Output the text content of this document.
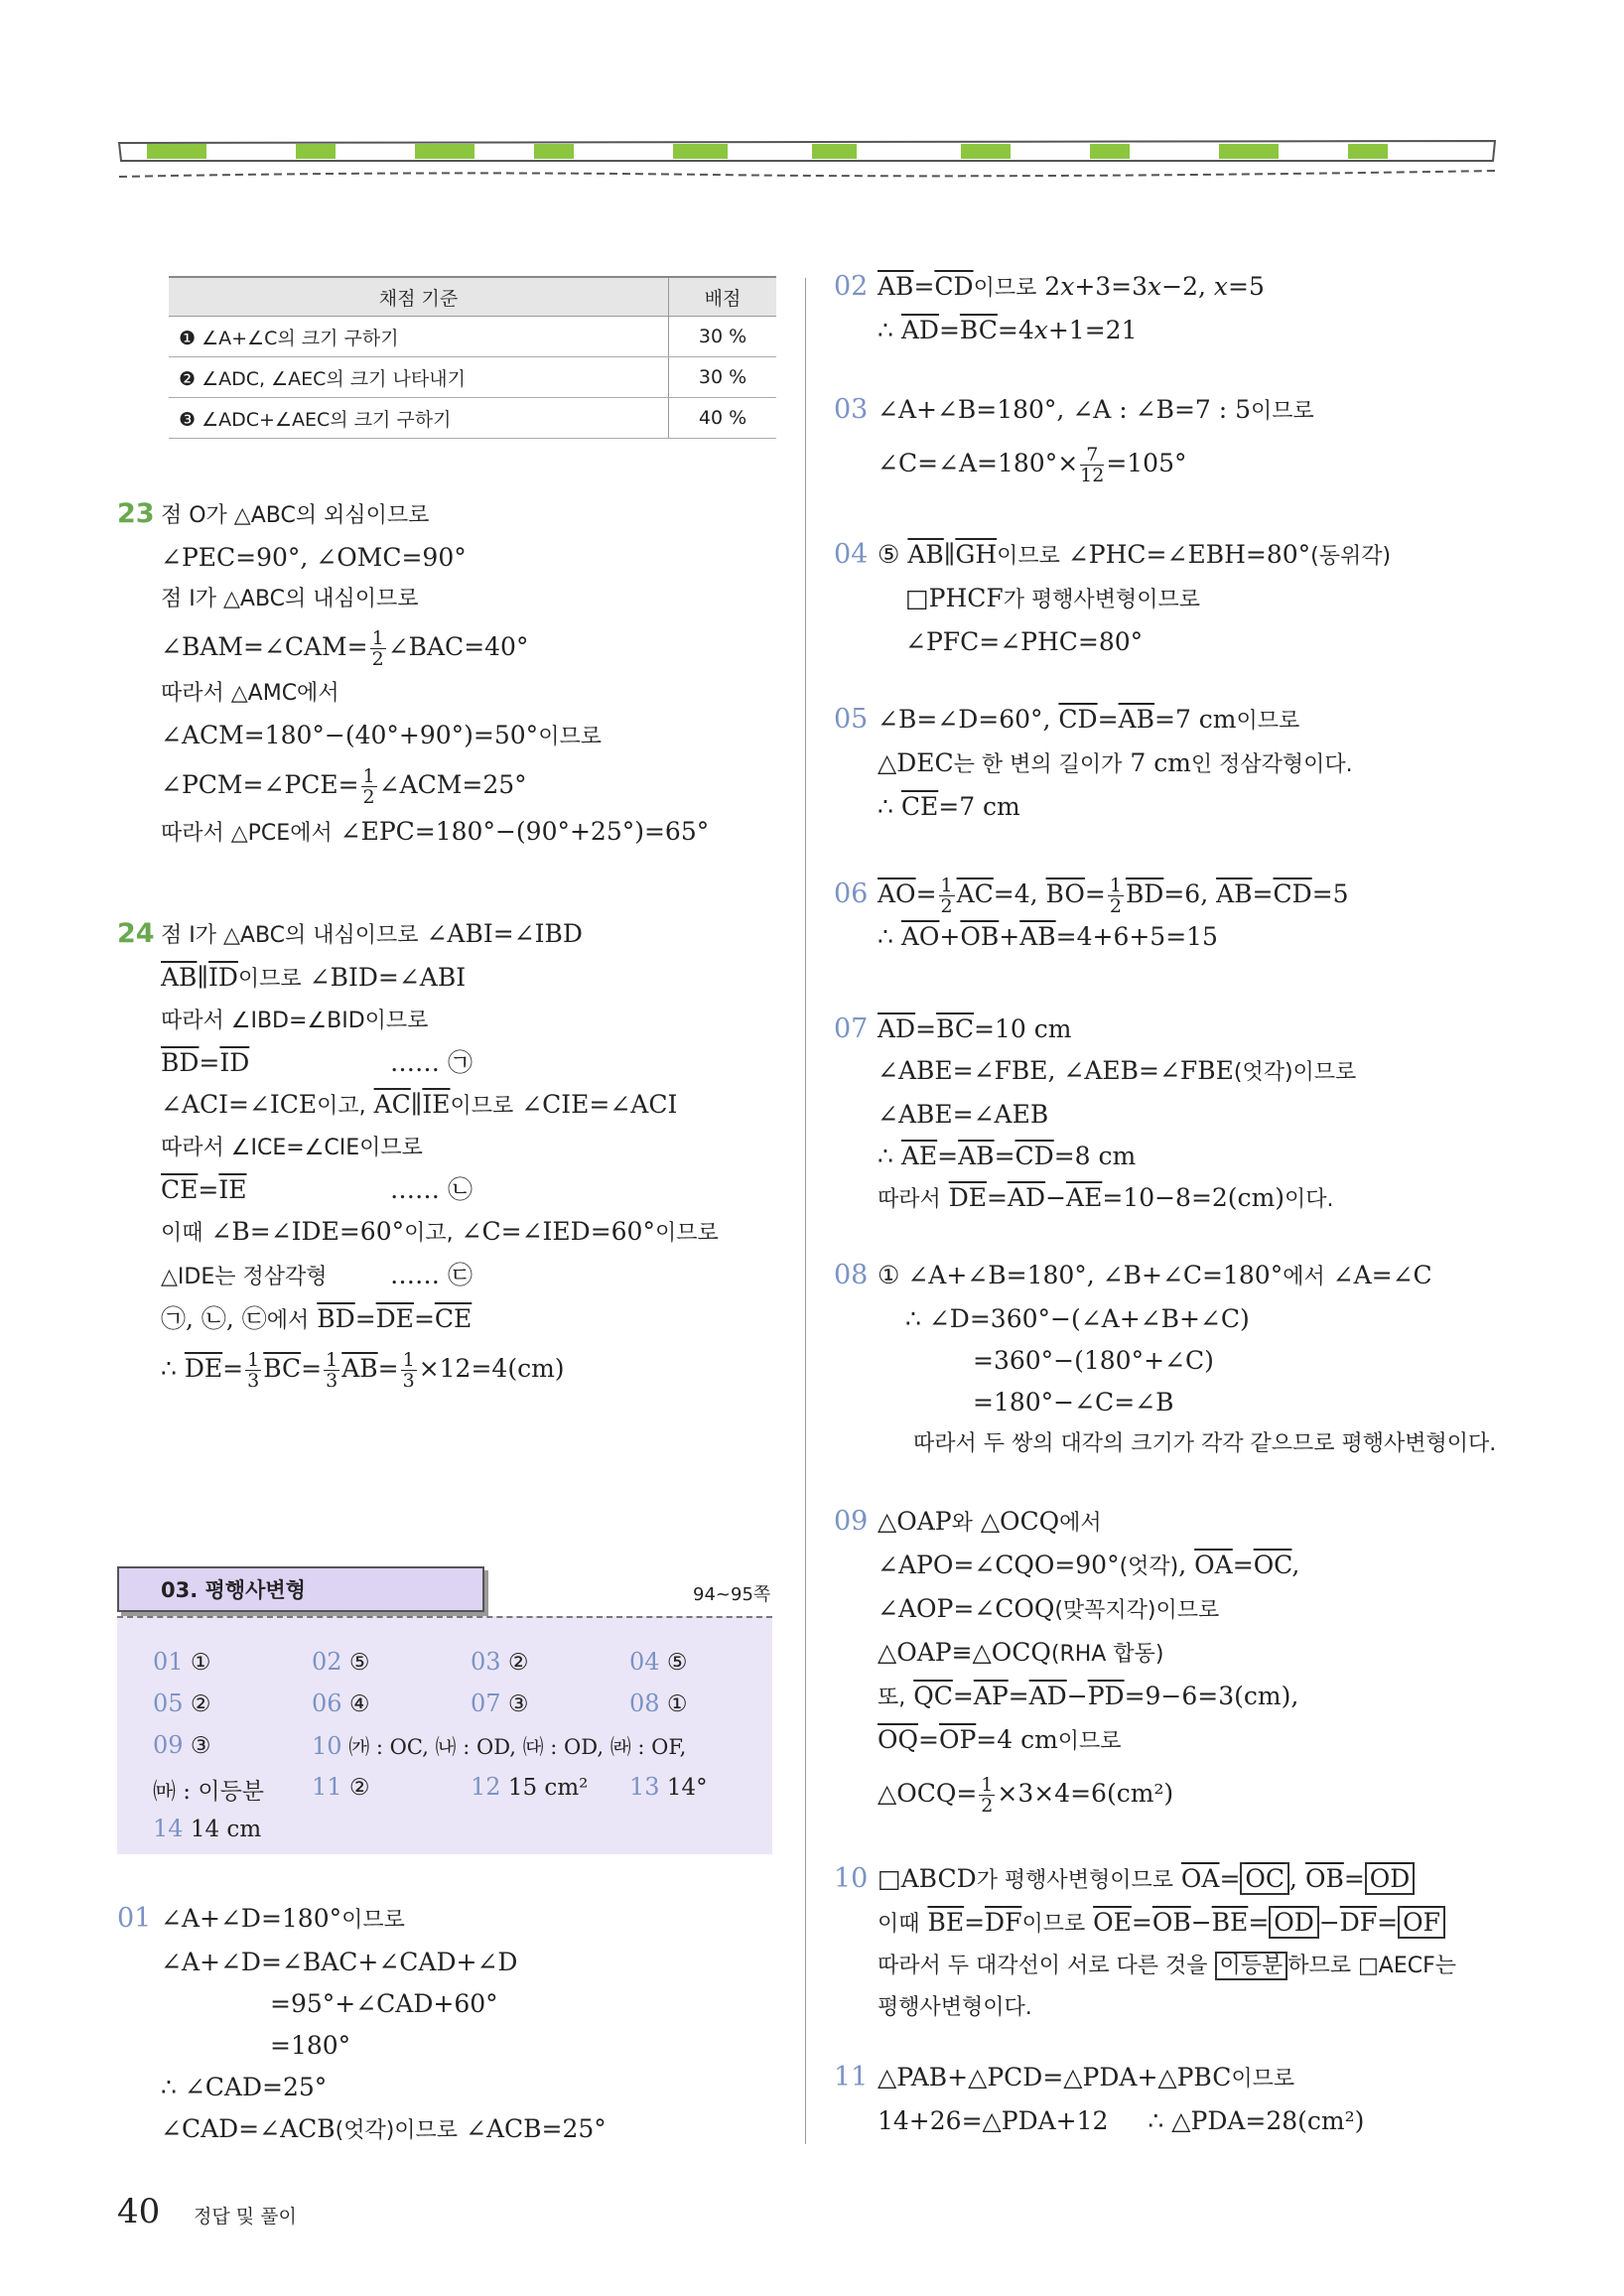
채점 기준	배점
❶ ∠A+∠C의 크기 구하기	30 %
❷ ∠ADC, ∠AEC의 크기 나타내기	30 %
❸ ∠ADC+∠AEC의 크기 구하기	40 %
23 점 O가 △ABC의 외심이므로
∠PEC=90°, ∠OMC=90°
점 I가 △ABC의 내심이므로
∠BAM=∠CAM= $\frac{1}{2}$ ∠BAC=40°
따라서 △AMC에서
∠ACM=180°−(40°+90°)=50°이므로
∠PCM=∠PCE= $\frac{1}{2}$ ∠ACM=25°
따라서 △PCE에서 ∠EPC=180°−(90°+25°)=65°
24 점 I가 △ABC의 내심이므로 ∠ABI=∠IBD
$\overline{AB}\parallel\overline{ID}$이므로 ∠BID=∠ABI
따라서 ∠IBD=∠BID이므로
$\overline{BD}=\overline{ID}$	…… ㉠
∠ACI=∠ICE이고, $\overline{AC}\parallel\overline{IE}$이므로 ∠CIE=∠ACI
따라서 ∠ICE=∠CIE이므로
$\overline{CE}=\overline{IE}$	…… ㉡
이때 ∠B=∠IDE=60°이고, ∠C=∠IED=60°이므로
△IDE는 정삼각형	…… ㉢
㉠, ㉡, ㉢에서 $\overline{BD}=\overline{DE}=\overline{CE}$
∴ $\overline{DE}= \frac{1}{3} \overline{BC}= \frac{1}{3} \overline{AB}= \frac{1}{3} \times 12=4(cm)$
03. 평행사변형	94~95쪽
01 ①	02 ⑤	03 ②	04 ⑤
05 ②	06 ④	07 ③	08 ①
09 ③	10 ㈎ : OC, ㈏ : OD, ㈐ : OD, ㈑ : OF,
㈒ : 이등분 11 ②	12 15 cm² 13 14°
14 14 cm
01 ∠A+∠D=180°이므로
∠A+∠D=∠BAC+∠CAD+∠D
=95°+∠CAD+60°
=180°
∴ ∠CAD=25°
∠CAD=∠ACB(엇각)이므로 ∠ACB=25°
02 $\overline{AB}=\overline{CD}$이므로 2x+3=3x−2, x=5
∴ $\overline{AD}=\overline{BC}=4x+1=21$
03 ∠A+∠B=180°, ∠A : ∠B=7 : 5이므로
∠C=∠A=180°× $\frac{7}{12} =105^\circ$
04 ⑤ $\overline{AB}\parallel\overline{GH}$이므로 ∠PHC=∠EBH=80°(동위각)
□PHCF가 평행사변형이므로
∠PFC=∠PHC=80°
05 ∠B=∠D=60°, $\overline{CD}=\overline{AB}=7$ cm이므로
△DEC는 한 변의 길이가 7 cm인 정삼각형이다.
∴ $\overline{CE}=7$ cm
06 $\overline{AO}= \frac{1}{2} \overline{AC}=4$, $\overline{BO}= \frac{1}{2} \overline{BD}=6$, $\overline{AB}=\overline{CD}=5$
∴ $\overline{AO}+\overline{OB}+\overline{AB}=4+6+5=15$
07 $\overline{AD}=\overline{BC}=10$ cm
∠ABE=∠FBE, ∠AEB=∠FBE(엇각)이므로
∠ABE=∠AEB
∴ $\overline{AE}=\overline{AB}=\overline{CD}=8$ cm
따라서 $\overline{DE}=\overline{AD}-\overline{AE}=10-8=2(cm)$이다.
08 ① ∠A+∠B=180°, ∠B+∠C=180°에서 ∠A=∠C
∴ ∠D=360°−(∠A+∠B+∠C)
=360°−(180°+∠C)
=180°−∠C=∠B
따라서 두 쌍의 대각의 크기가 각각 같으므로 평행사변형이다.
09 △OAP와 △OCQ에서
∠APO=∠CQO=90°(엇각), $\overline{OA}=\overline{OC}$,
∠AOP=∠COQ(맞꼭지각)이므로
△OAP≡△OCQ(RHA 합동)
또, $\overline{QC}=\overline{AP}=\overline{AD}-\overline{PD}=9-6=3(cm)$,
$\overline{OQ}=\overline{OP}=4$ cm이므로
△OCQ= $\frac{1}{2} \times 3\times 4=6(cm^2)$
10 □ABCD가 평행사변형이므로 $\overline{OA}= \overline{OC}$ , $\overline{OB}= \overline{OD}$
이때 $\overline{BE}=\overline{DF}$이므로 $\overline{OE}=\overline{OB}-\overline{BE}= \overline{OD} -\overline{DF}= \overline{OF}$
따라서 두 대각선이 서로 다른 것을 이등분 하므로 □AECF는
평행사변형이다.
11 △PAB+△PCD=△PDA+△PBC이므로
14+26=△PDA+12 ∴ △PDA=28(cm²)
40 정답 및 풀이
